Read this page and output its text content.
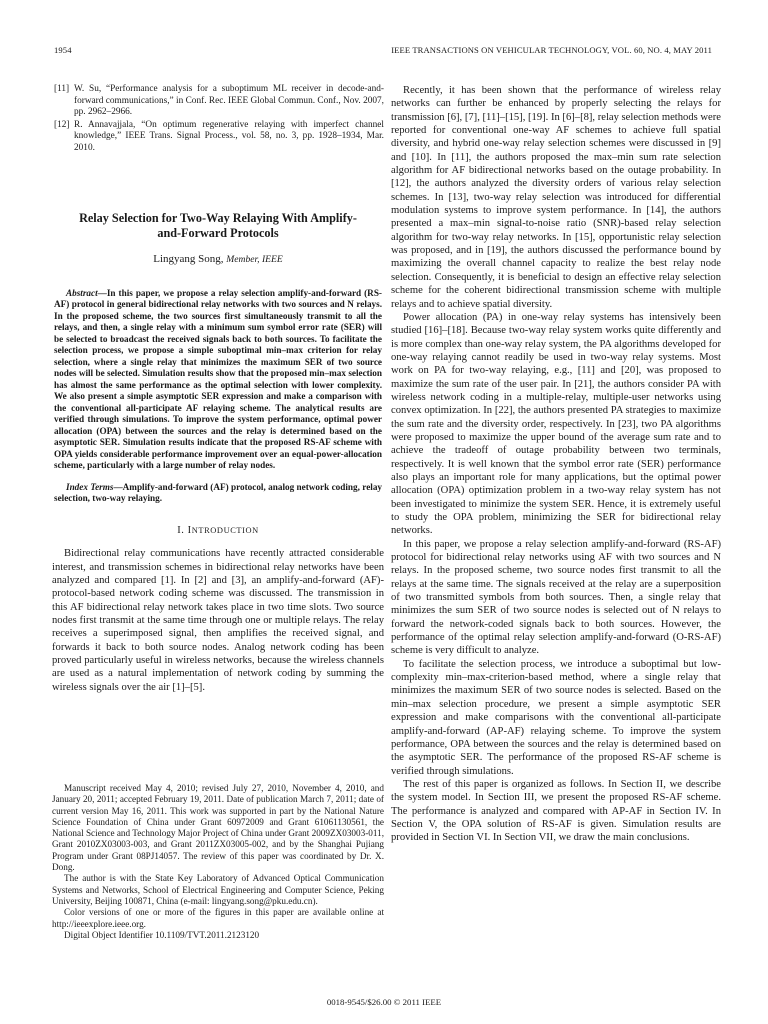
1954	IEEE TRANSACTIONS ON VEHICULAR TECHNOLOGY, VOL. 60, NO. 4, MAY 2011
[11] W. Su, “Performance analysis for a suboptimum ML receiver in decode-and-forward communications,” in Conf. Rec. IEEE Global Commun. Conf., Nov. 2007, pp. 2962–2966.
[12] R. Annavajjala, “On optimum regenerative relaying with imperfect channel knowledge,” IEEE Trans. Signal Process., vol. 58, no. 3, pp. 1928–1934, Mar. 2010.
Relay Selection for Two-Way Relaying With Amplify-and-Forward Protocols
Lingyang Song, Member, IEEE
Abstract—In this paper, we propose a relay selection amplify-and-forward (RS-AF) protocol in general bidirectional relay networks with two sources and N relays. In the proposed scheme, the two sources first simultaneously transmit to all the relays, and then, a single relay with a minimum sum symbol error rate (SER) will be selected to broadcast the received signals back to both sources. To facilitate the selection process, we propose a simple suboptimal min–max criterion for relay selection, where a single relay that minimizes the maximum SER of two source nodes will be selected. Simulation results show that the proposed min–max selection has almost the same performance as the optimal selection with lower complexity. We also present a simple asymptotic SER expression and make a comparison with the conventional all-participate AF relaying scheme. The analytical results are verified through simulations. To improve the system performance, optimal power allocation (OPA) between the sources and the relay is determined based on the asymptotic SER. Simulation results indicate that the proposed RS-AF scheme with OPA yields considerable performance improvement over an equal-power-allocation scheme, particularly with a large number of relay nodes.
Index Terms—Amplify-and-forward (AF) protocol, analog network coding, relay selection, two-way relaying.
I. INTRODUCTION

Bidirectional relay communications have recently attracted considerable interest, and transmission schemes in bidirectional relay networks have been analyzed and compared [1]. In [2] and [3], an amplify-and-forward (AF)-protocol-based network coding scheme was discussed. The transmission in this AF bidirectional relay network takes place in two time slots. Two source nodes first transmit at the same time through one or multiple relays. The relay receives a superimposed signal, then amplifies the received signal, and forwards it back to both source nodes. Analog network coding has been proved particularly useful in wireless networks, because the wireless channels are used as a natural implementation of network coding by summing the wireless signals over the air [1]–[5].

Manuscript received May 4, 2010; revised July 27, 2010, November 4, 2010, and January 20, 2011; accepted February 19, 2011. Date of publication March 7, 2011; date of current version May 16, 2011. This work was supported in part by the National Nature Science Foundation of China under Grant 60972009 and Grant 61061130561, the National Science and Technology Major Project of China under Grant 2009ZX03003-011, Grant 2010ZX03003-003, and Grant 2011ZX03005-002, and by the Shanghai Pujiang Program under Grant 08PJ14057. The review of this paper was coordinated by Dr. X. Dong.

The author is with the State Key Laboratory of Advanced Optical Communication Systems and Networks, School of Electrical Engineering and Computer Science, Peking University, Beijing 100871, China (e-mail: lingyang.song@pku.edu.cn).

Color versions of one or more of the figures in this paper are available online at http://ieeexplore.ieee.org.

Digital Object Identifier 10.1109/TVT.2011.2123120

Recently, it has been shown that the performance of wireless relay networks can further be enhanced by properly selecting the relays for transmission [6], [7], [11]–[15], [19]. In [6]–[8], relay selection methods were reported for conventional one-way AF schemes to achieve full spatial diversity, and hybrid one-way relay selection schemes were discussed in [9] and [10]. In [11], the authors proposed the max–min sum rate selection algorithm for AF bidirectional networks based on the outage probability. In [12], the authors analyzed the diversity orders of various relay selection schemes. In [13], two-way relay selection was introduced for differential modulation systems to improve system performance. In [14], the authors presented a max–min signal-to-noise ratio (SNR)-based relay selection algorithm for two-way relay networks. In [15], opportunistic relay selection was proposed, and in [19], the authors discussed the performance bound by maximizing the overall channel capacity to realize the best relay node selection. Consequently, it is beneficial to design an effective relay selection scheme for the coherent bidirectional transmission scheme with multiple relays and to achieve spatial diversity.

Power allocation (PA) in one-way relay systems has intensively been studied [16]–[18]. Because two-way relay system works quite differently and is more complex than one-way relay system, the PA algorithms developed for one-way relaying cannot readily be used in two-way relay systems. Most work on PA for two-way relaying, e.g., [11] and [20], was proposed to maximize the sum rate of the user pair. In [21], the authors consider PA with wireless network coding in a multiple-relay, multiple-user networks using convex optimization. In [22], the authors presented PA strategies to maximize the sum rate and the diversity order, respectively. In [23], two PA algorithms were proposed to maximize the upper bound of the average sum rate and to achieve the tradeoff of outage probability between two terminals, respectively. It is well known that the symbol error rate (SER) performance also plays an important role for many applications, but the optimal power allocation (OPA) optimization problem in a two-way relay system has not been investigated to minimize the system SER. Hence, it is extremely useful to study the OPA problem, minimizing the SER for bidirectional relay networks.

In this paper, we propose a relay selection amplify-and-forward (RS-AF) protocol for bidirectional relay networks using AF with two sources and N relays. In the proposed scheme, two source nodes first transmit to all the relays at the same time. The signals received at the relay are a superposition of two transmitted symbols from both sources. Then, a single relay that minimizes the sum SER of two source nodes is selected out of N relays to forward the network-coded signals back to both sources. However, the performance of the optimal relay selection amplify-and-forward (O-RS-AF) scheme is very difficult to analyze.

To facilitate the selection process, we introduce a suboptimal but low-complexity min–max-criterion-based method, where a single relay that minimizes the maximum SER of two source nodes is selected. Based on the min–max selection procedure, we present a simple asymptotic SER expression and make comparisons with the conventional all-participate amplify-and-forward (AP-AF) relaying scheme. To improve the system performance, OPA between the sources and the relay is determined based on the asymptotic SER. The performance of the proposed RS-AF scheme is verified through simulations.

The rest of this paper is organized as follows. In Section II, we describe the system model. In Section III, we present the proposed RS-AF scheme. The performance is analyzed and compared with AP-AF in Section IV. In Section V, the OPA solution of RS-AF is given. Simulation results are provided in Section VI. In Section VII, we draw the main conclusions.

0018-9545/$26.00 © 2011 IEEE
